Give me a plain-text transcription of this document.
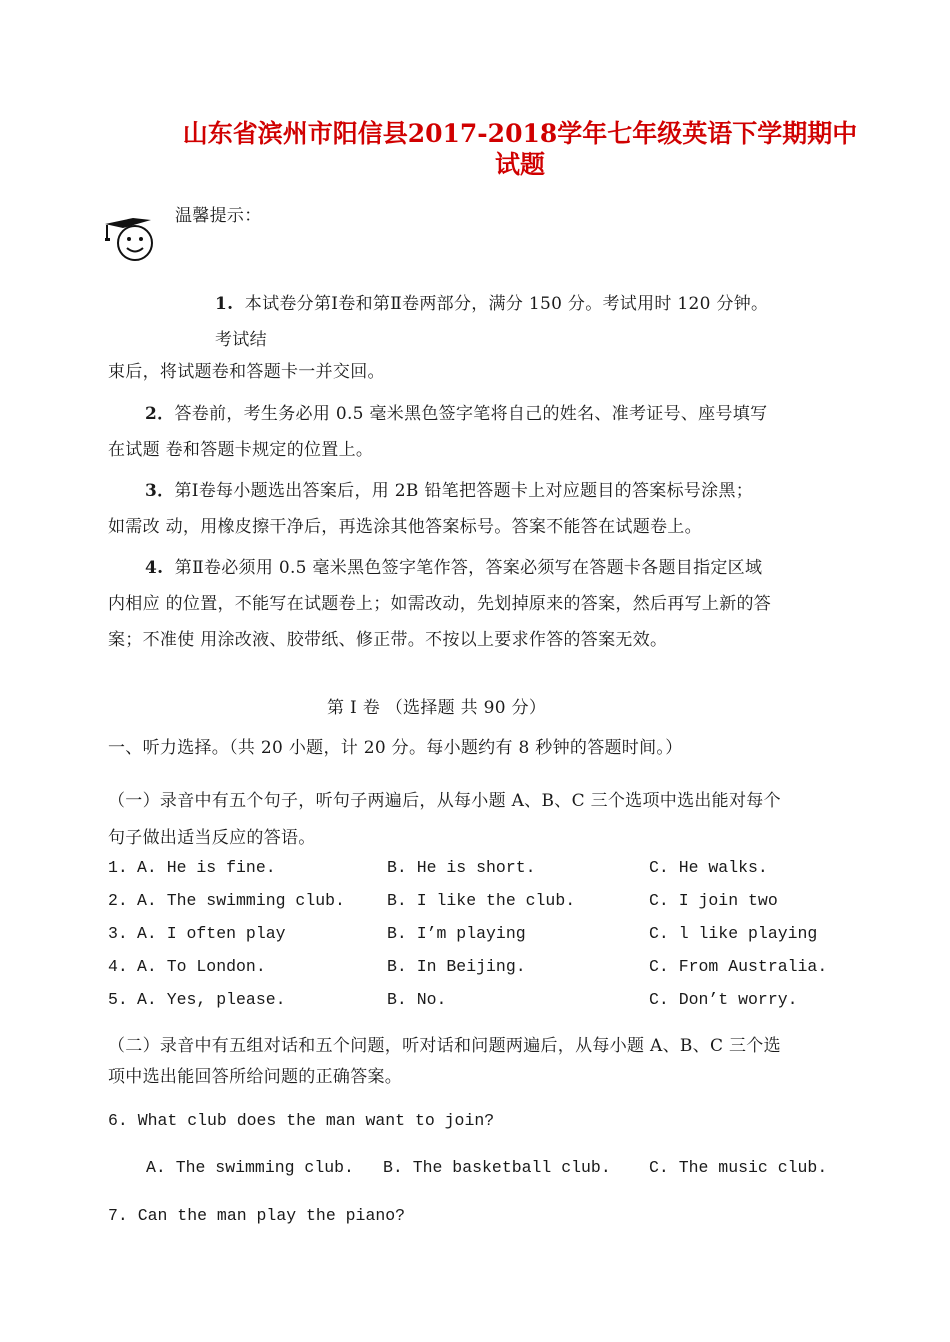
山东省滨州市阳信县2017-2018学年七年级英语下学期期中
试题
温馨提示：
1. 本试卷分第Ⅰ卷和第Ⅱ卷两部分，满分 150 分。考试用时 120 分钟。
考试结
束后，将试题卷和答题卡一并交回。
2．答卷前，考生务必用 0.5 毫米黑色签字笔将自己的姓名、准考证号、座号填写
在试题 卷和答题卡规定的位置上。
3．第Ⅰ卷每小题选出答案后，用 2B 铅笔把答题卡上对应题目的答案标号涂黑；
如需改 动，用橡皮擦干净后，再选涂其他答案标号。答案不能答在试题卷上。
4. 第Ⅱ卷必须用 0.5 毫米黑色签字笔作答，答案必须写在答题卡各题目指定区域
内相应 的位置，不能写在试题卷上；如需改动，先划掉原来的答案，然后再写上新的答
案；不准使 用涂改液、胶带纸、修正带。不按以上要求作答的答案无效。
第 I 卷 （选择题 共 90 分）
一、听力选择。（共 20 小题，计 20 分。每小题约有 8 秒钟的答题时间。）
（一）录音中有五个句子，听句子两遍后，从每小题 A、B、C 三个选项中选出能对每个
句子做出适当反应的答语。
1. A. He is fine.	B. He is short.	C. He walks.
2. A. The swimming club.	B. I like the club.	C. I join two
3. A. I often play	B. I’m playing	C. l like playing
4. A. To London.	B. In Beijing.	C. From Australia.
5. A. Yes, please.	B. No.	C. Don’t worry.
（二）录音中有五组对话和五个问题，听对话和问题两遍后，从每小题 A、B、C 三个选
项中选出能回答所给问题的正确答案。
6. What club does the man want to join?
A. The swimming club. B. The basketball club. C. The music club.
7. Can the man play the piano?
